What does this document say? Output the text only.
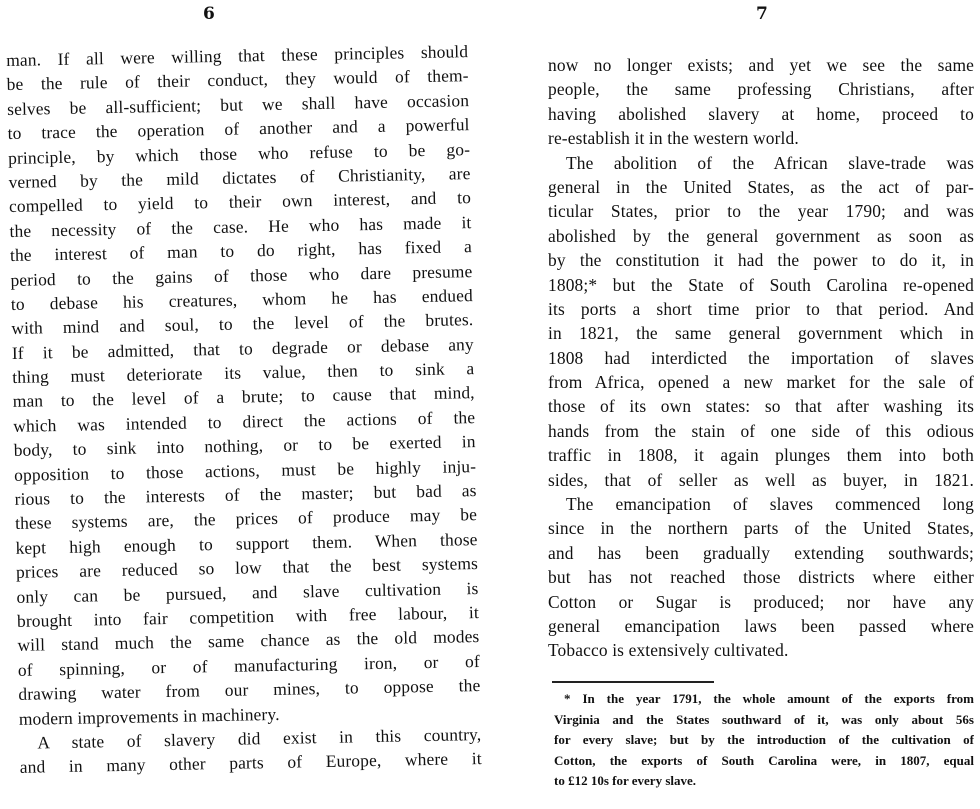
6	7
man. If all were willing that these principles should
be the rule of their conduct, they would of them-
selves be all-sufficient; but we shall have occasion
to trace the operation of another and a powerful
principle, by which those who refuse to be go-
verned by the mild dictates of Christianity, are
compelled to yield to their own interest, and to
the necessity of the case. He who has made it
the interest of man to do right, has fixed a
period to the gains of those who dare presume
to debase his creatures, whom he has endued
with mind and soul, to the level of the brutes.
If it be admitted, that to degrade or debase any
thing must deteriorate its value, then to sink a
man to the level of a brute; to cause that mind,
which was intended to direct the actions of the
body, to sink into nothing, or to be exerted in
opposition to those actions, must be highly inju-
rious to the interests of the master; but bad as
these systems are, the prices of produce may be
kept high enough to support them. When those
prices are reduced so low that the best systems
only can be pursued, and slave cultivation is
brought into fair competition with free labour, it
will stand much the same chance as the old modes
of spinning, or of manufacturing iron, or of
drawing water from our mines, to oppose the
modern improvements in machinery.
A state of slavery did exist in this country,
and in many other parts of Europe, where it
now no longer exists; and yet we see the same
people, the same professing Christians, after
having abolished slavery at home, proceed to
re-establish it in the western world.
The abolition of the African slave-trade was
general in the United States, as the act of par-
ticular States, prior to the year 1790; and was
abolished by the general government as soon as
by the constitution it had the power to do it, in
1808;* but the State of South Carolina re-opened
its ports a short time prior to that period. And
in 1821, the same general government which in
1808 had interdicted the importation of slaves
from Africa, opened a new market for the sale of
those of its own states: so that after washing its
hands from the stain of one side of this odious
traffic in 1808, it again plunges them into both
sides, that of seller as well as buyer, in 1821.
The emancipation of slaves commenced long
since in the northern parts of the United States,
and has been gradually extending southwards;
but has not reached those districts where either
Cotton or Sugar is produced; nor have any
general emancipation laws been passed where
Tobacco is extensively cultivated.
* In the year 1791, the whole amount of the exports from
Virginia and the States southward of it, was only about 56s
for every slave; but by the introduction of the cultivation of
Cotton, the exports of South Carolina were, in 1807, equal
to £12 10s for every slave.
